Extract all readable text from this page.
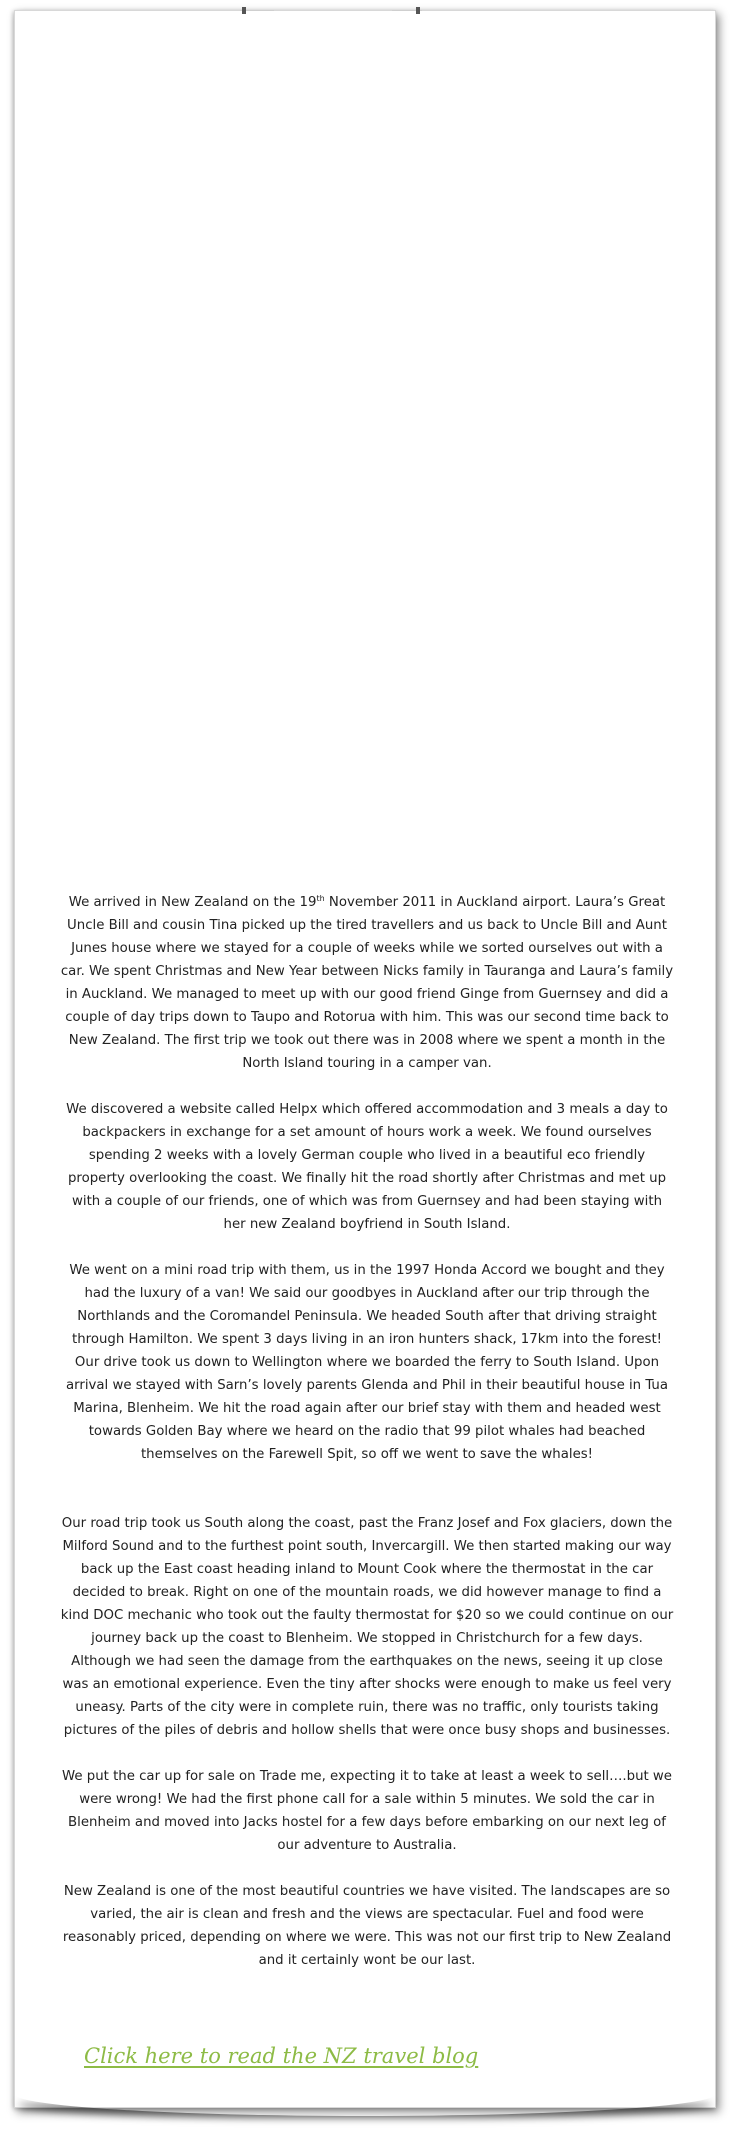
We arrived in New Zealand on the 19th November 2011 in Auckland airport. Laura’s Great Uncle Bill and cousin Tina picked up the tired travellers and us back to Uncle Bill and Aunt Junes house where we stayed for a couple of weeks while we sorted ourselves out with a car. We spent Christmas and New Year between Nicks family in Tauranga and Laura’s family in Auckland. We managed to meet up with our good friend Ginge from Guernsey and did a couple of day trips down to Taupo and Rotorua with him. This was our second time back to New Zealand. The first trip we took out there was in 2008 where we spent a month in the North Island touring in a camper van.

We discovered a website called Helpx which offered accommodation and 3 meals a day to backpackers in exchange for a set amount of hours work a week. We found ourselves spending 2 weeks with a lovely German couple who lived in a beautiful eco friendly property overlooking the coast. We finally hit the road shortly after Christmas and met up with a couple of our friends, one of which was from Guernsey and had been staying with her new Zealand boyfriend in South Island.

We went on a mini road trip with them, us in the 1997 Honda Accord we bought and they had the luxury of a van! We said our goodbyes in Auckland after our trip through the Northlands and the Coromandel Peninsula. We headed South after that driving straight through Hamilton. We spent 3 days living in an iron hunters shack, 17km into the forest! Our drive took us down to Wellington where we boarded the ferry to South Island. Upon arrival we stayed with Sarn’s lovely parents Glenda and Phil in their beautiful house in Tua Marina, Blenheim. We hit the road again after our brief stay with them and headed west towards Golden Bay where we heard on the radio that 99 pilot whales had beached themselves on the Farewell Spit, so off we went to save the whales!

Our road trip took us South along the coast, past the Franz Josef and Fox glaciers, down the Milford Sound and to the furthest point south, Invercargill. We then started making our way back up the East coast heading inland to Mount Cook where the thermostat in the car decided to break. Right on one of the mountain roads, we did however manage to find a kind DOC mechanic who took out the faulty thermostat for $20 so we could continue on our journey back up the coast to Blenheim. We stopped in Christchurch for a few days. Although we had seen the damage from the earthquakes on the news, seeing it up close was an emotional experience. Even the tiny after shocks were enough to make us feel very uneasy. Parts of the city were in complete ruin, there was no traffic, only tourists taking pictures of the piles of debris and hollow shells that were once busy shops and businesses.

We put the car up for sale on Trade me, expecting it to take at least a week to sell….but we were wrong! We had the first phone call for a sale within 5 minutes. We sold the car in Blenheim and moved into Jacks hostel for a few days before embarking on our next leg of our adventure to Australia.

New Zealand is one of the most beautiful countries we have visited. The landscapes are so varied, the air is clean and fresh and the views are spectacular. Fuel and food were reasonably priced, depending on where we were. This was not our first trip to New Zealand and it certainly wont be our last.

Click here to read the NZ travel blog
